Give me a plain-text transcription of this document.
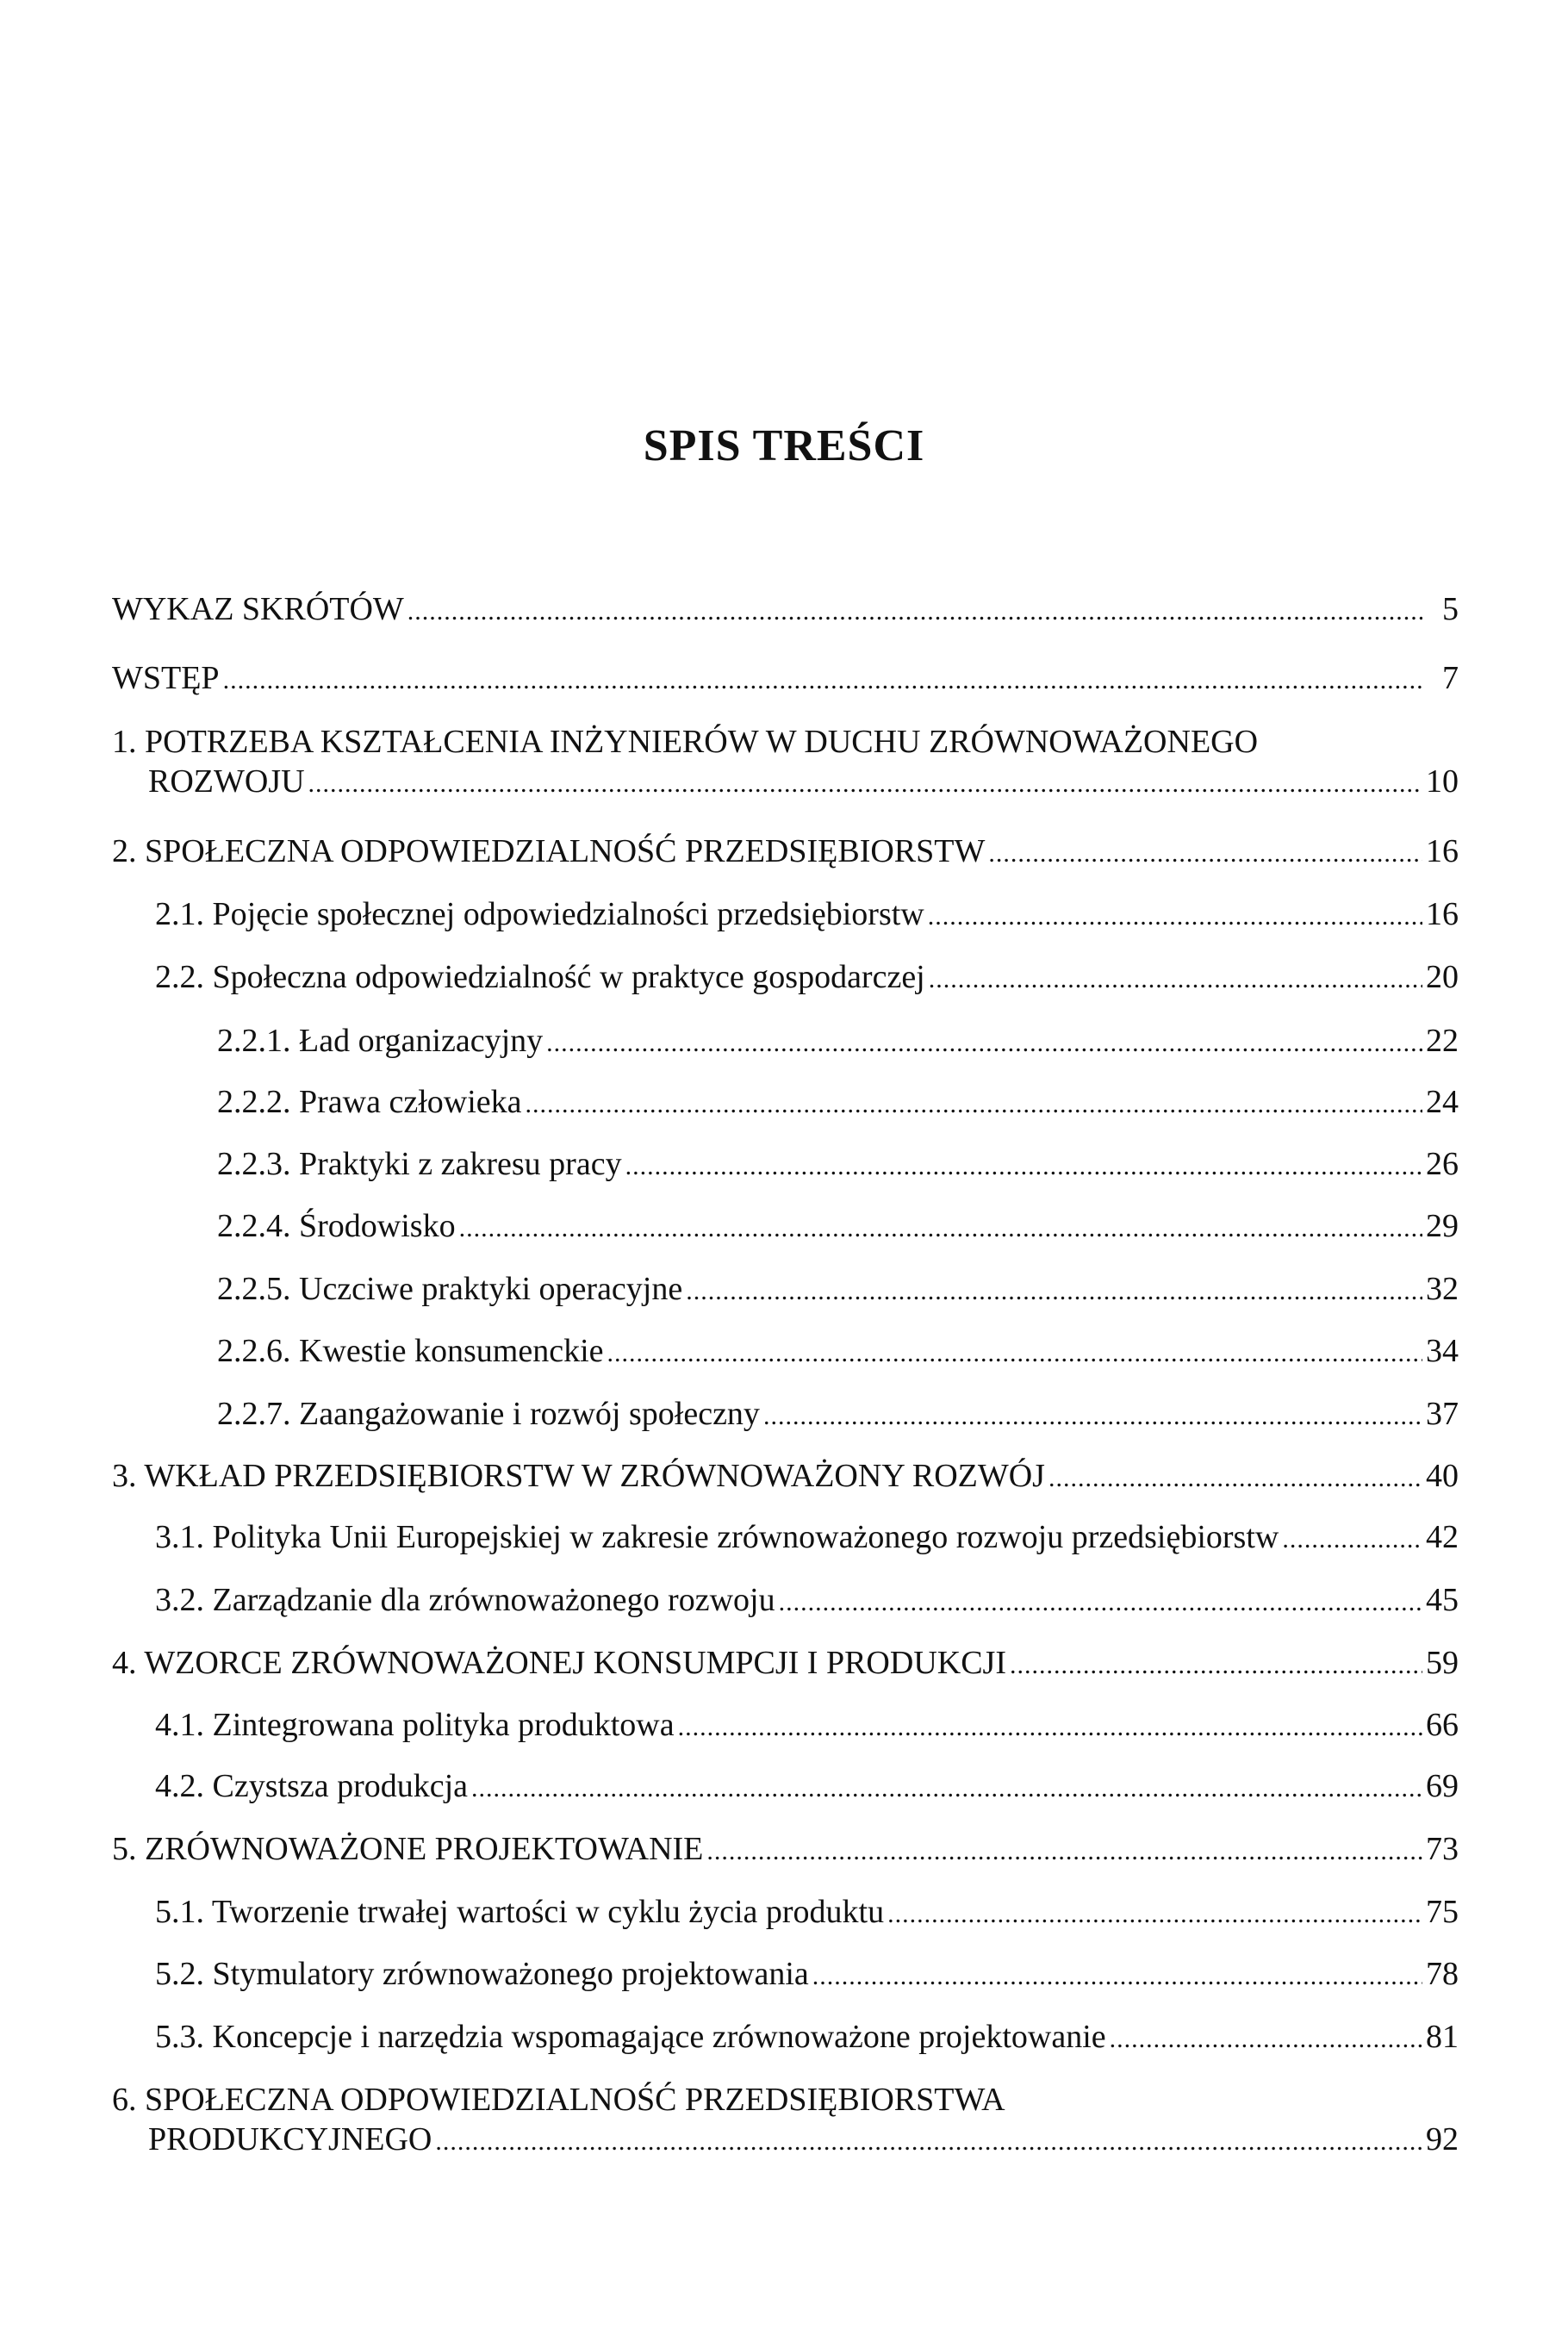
SPIS TREŚCI
WYKAZ SKRÓTÓW .....	5
WSTĘP .....	7
1. POTRZEBA KSZTAŁCENIA INŻYNIERÓW W DUCHU ZRÓWNOWAŻONEGO
ROZWOJU .....	10
2. SPOŁECZNA ODPOWIEDZIALNOŚĆ PRZEDSIĘBIORSTW .....	16
2.1. Pojęcie społecznej odpowiedzialności przedsiębiorstw .....	16
2.2. Społeczna odpowiedzialność w praktyce gospodarczej .....	20
2.2.1. Ład organizacyjny .....	22
2.2.2. Prawa człowieka .....	24
2.2.3. Praktyki z zakresu pracy .....	26
2.2.4. Środowisko .....	29
2.2.5. Uczciwe praktyki operacyjne .....	32
2.2.6. Kwestie konsumenckie .....	34
2.2.7. Zaangażowanie i rozwój społeczny .....	37
3. WKŁAD PRZEDSIĘBIORSTW W ZRÓWNOWAŻONY ROZWÓJ .....	40
3.1. Polityka Unii Europejskiej w zakresie zrównoważonego rozwoju przedsiębiorstw .....	42
3.2. Zarządzanie dla zrównoważonego rozwoju .....	45
4. WZORCE ZRÓWNOWAŻONEJ KONSUMPCJI I PRODUKCJI .....	59
4.1. Zintegrowana polityka produktowa .....	66
4.2. Czystsza produkcja .....	69
5. ZRÓWNOWAŻONE PROJEKTOWANIE .....	73
5.1. Tworzenie trwałej wartości w cyklu życia produktu .....	75
5.2. Stymulatory zrównoważonego projektowania .....	78
5.3. Koncepcje i narzędzia wspomagające zrównoważone projektowanie .....	81
6. SPOŁECZNA ODPOWIEDZIALNOŚĆ PRZEDSIĘBIORSTWA
PRODUKCYJNEGO .....	92
